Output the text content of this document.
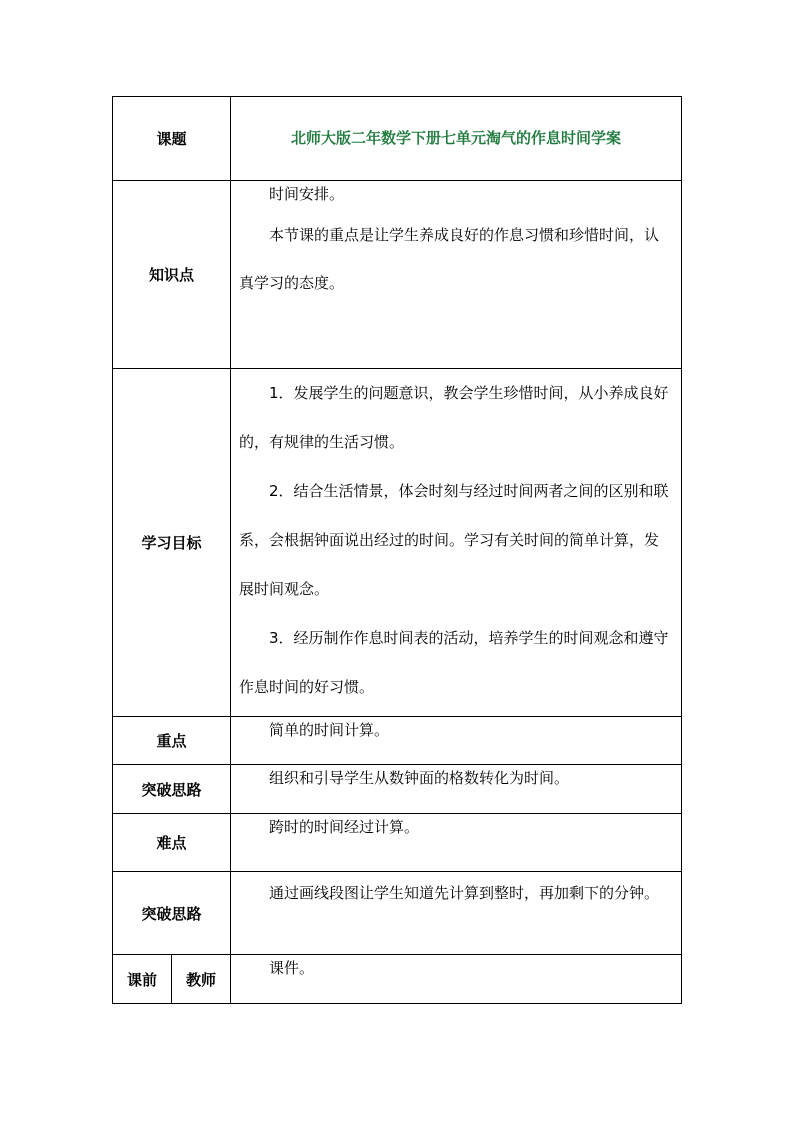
课题		北师大版二年数学下册七单元淘气的作息时间学案
知识点		时间安排。

本节课的重点是让学生养成良好的作息习惯和珍惜时间，认真学习的态度。

学习目标		1．发展学生的问题意识，教会学生珍惜时间，从小养成良好的，有规律的生活习惯。

2．结合生活情景，体会时刻与经过时间两者之间的区别和联系，会根据钟面说出经过的时间。学习有关时间的简单计算，发展时间观念。

3．经历制作作息时间表的活动，培养学生的时间观念和遵守作息时间的好习惯。

重点		简单的时间计算。

突破思路		组织和引导学生从数钟面的格数转化为时间。

难点		跨时的时间经过计算。

突破思路		通过画线段图让学生知道先计算到整时，再加剩下的分钟。

课前	教师	课件。
